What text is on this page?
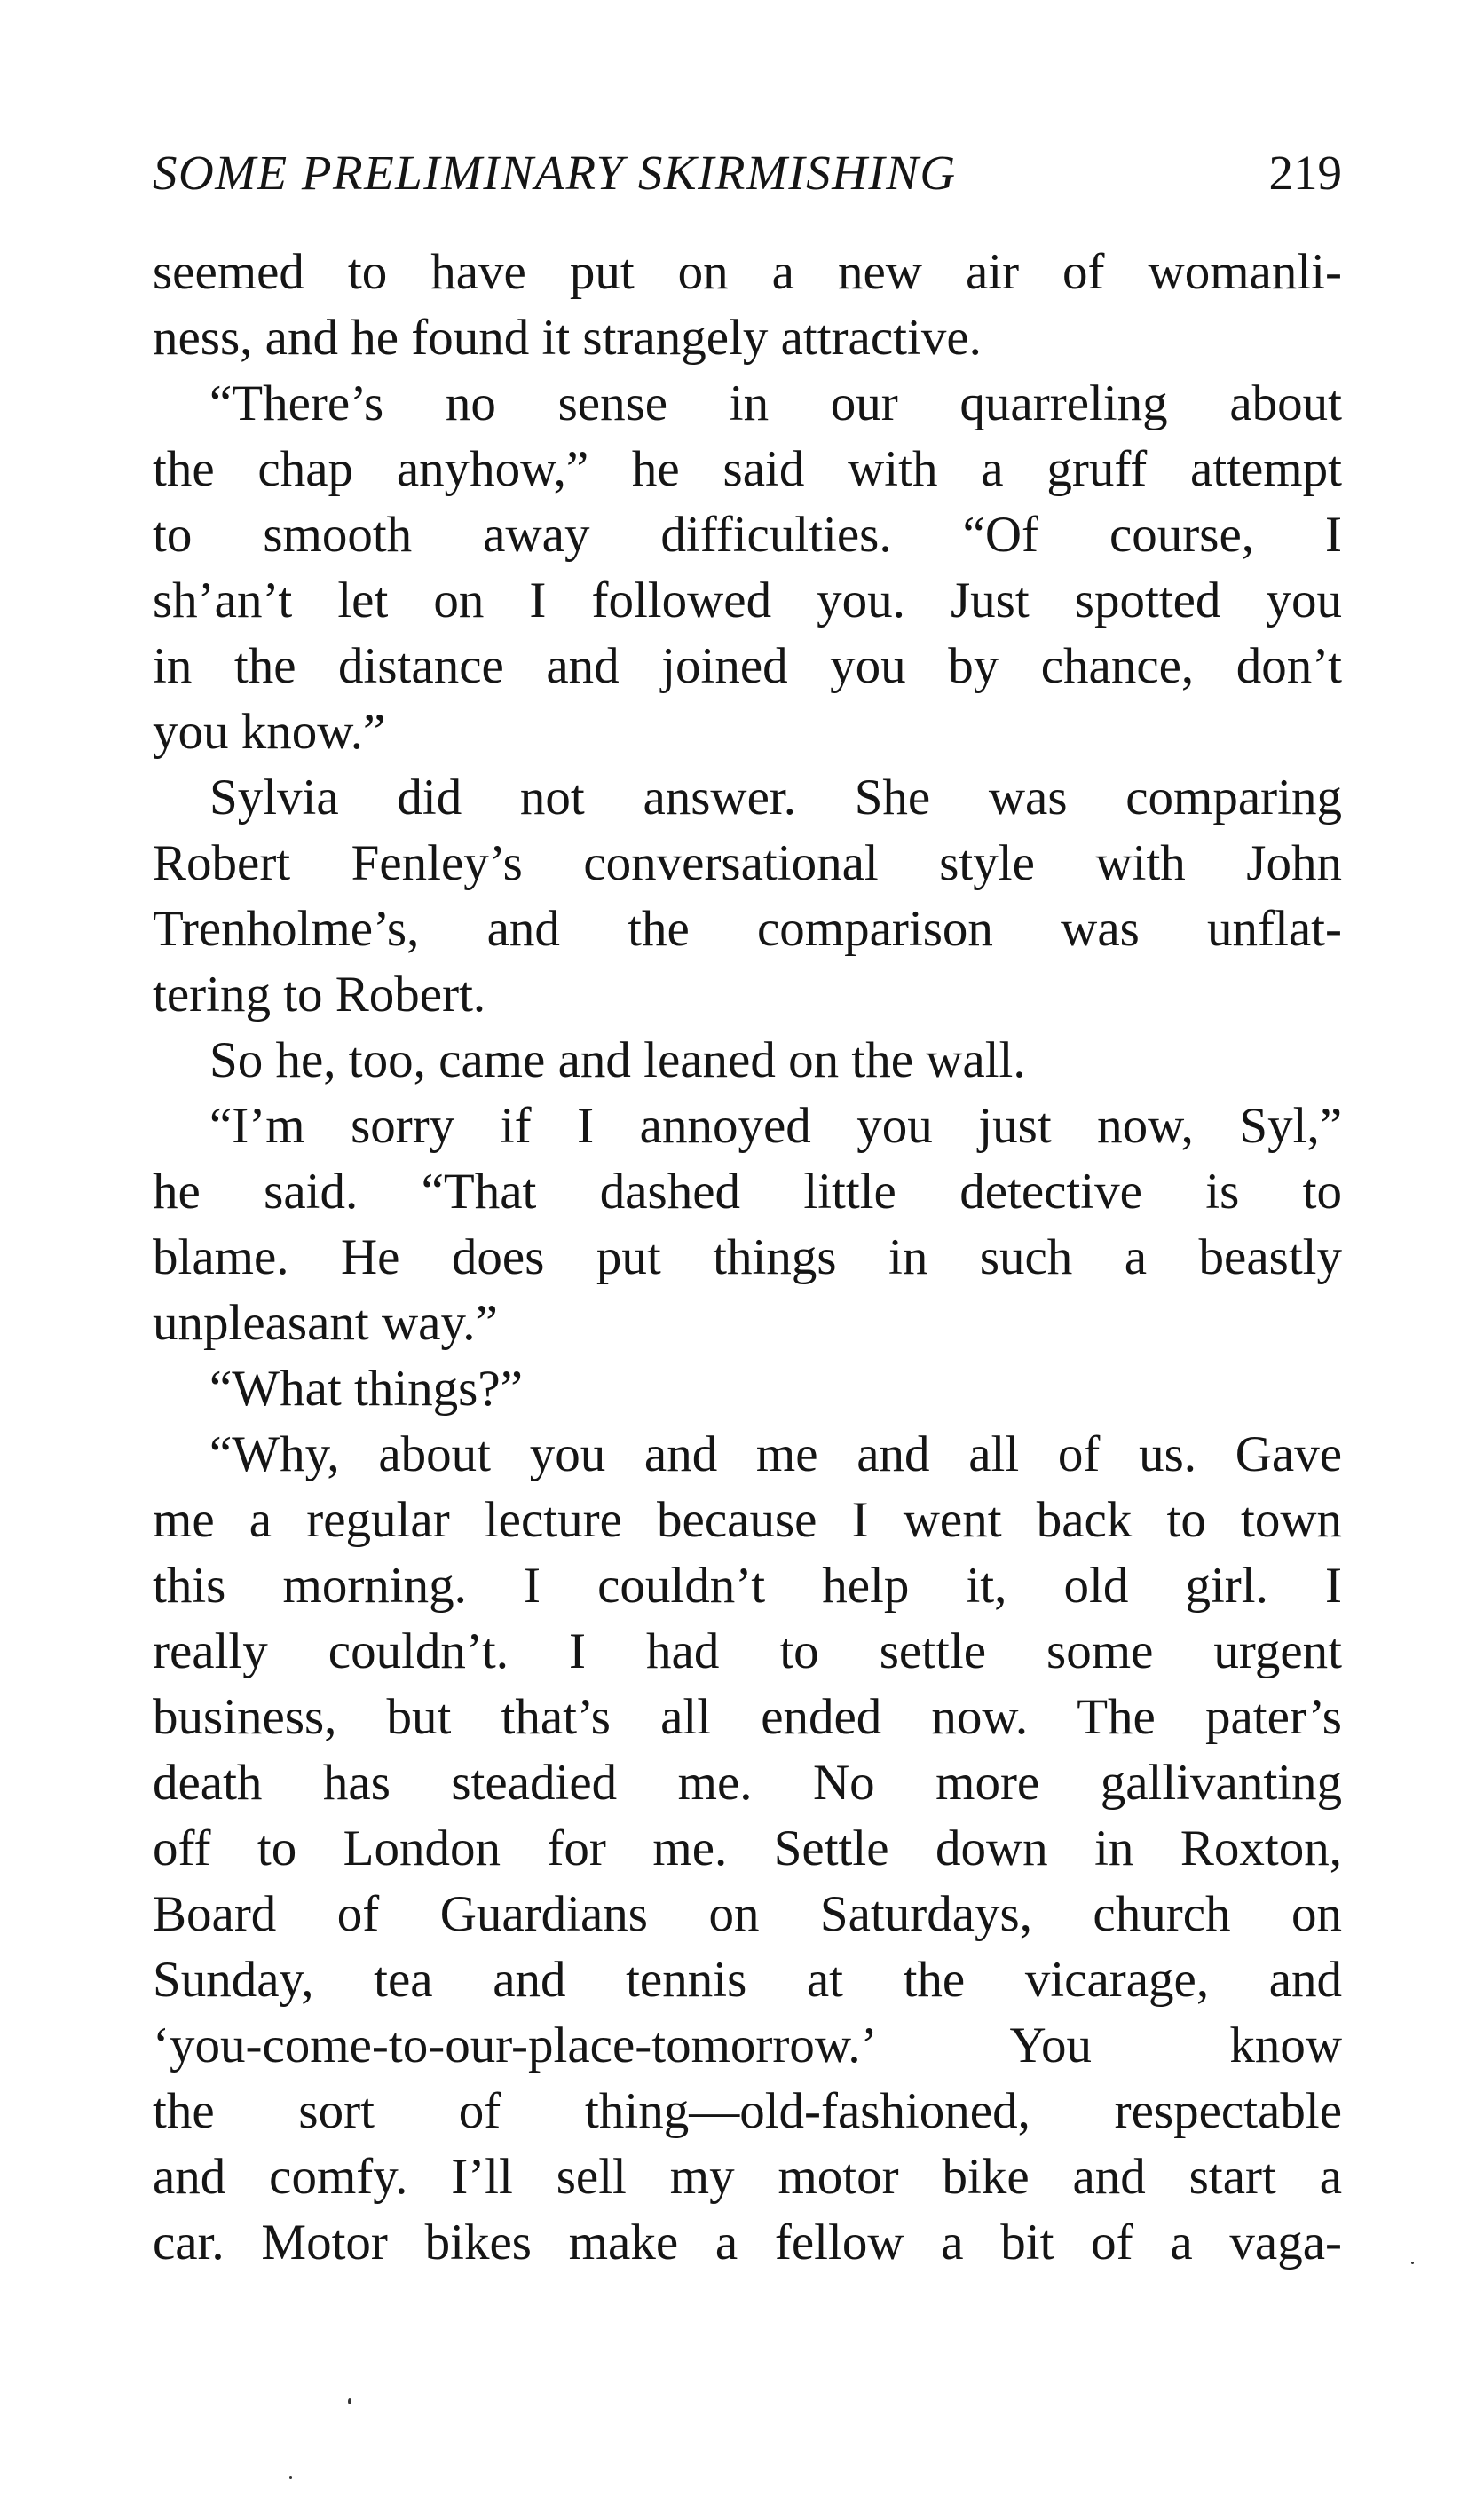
SOME PRELIMINARY SKIRMISHING	219
seemed to have put on a new air of womanli-
ness, and he found it strangely attractive.
“There’s no sense in our quarreling about
the chap anyhow,” he said with a gruff attempt
to smooth away difficulties. “Of course, I
sh’an’t let on I followed you. Just spotted you
in the distance and joined you by chance, don’t
you know.”
Sylvia did not answer. She was comparing
Robert Fenley’s conversational style with John
Trenholme’s, and the comparison was unflat-
tering to Robert.
So he, too, came and leaned on the wall.
“I’m sorry if I annoyed you just now, Syl,”
he said. “That dashed little detective is to
blame. He does put things in such a beastly
unpleasant way.”
“What things?”
“Why, about you and me and all of us. Gave
me a regular lecture because I went back to town
this morning. I couldn’t help it, old girl. I
really couldn’t. I had to settle some urgent
business, but that’s all ended now. The pater’s
death has steadied me. No more gallivanting
off to London for me. Settle down in Roxton,
Board of Guardians on Saturdays, church on
Sunday, tea and tennis at the vicarage, and
‘you-come-to-our-place-tomorrow.’ You know
the sort of thing—old-fashioned, respectable
and comfy. I’ll sell my motor bike and start a
car. Motor bikes make a fellow a bit of a vaga-
